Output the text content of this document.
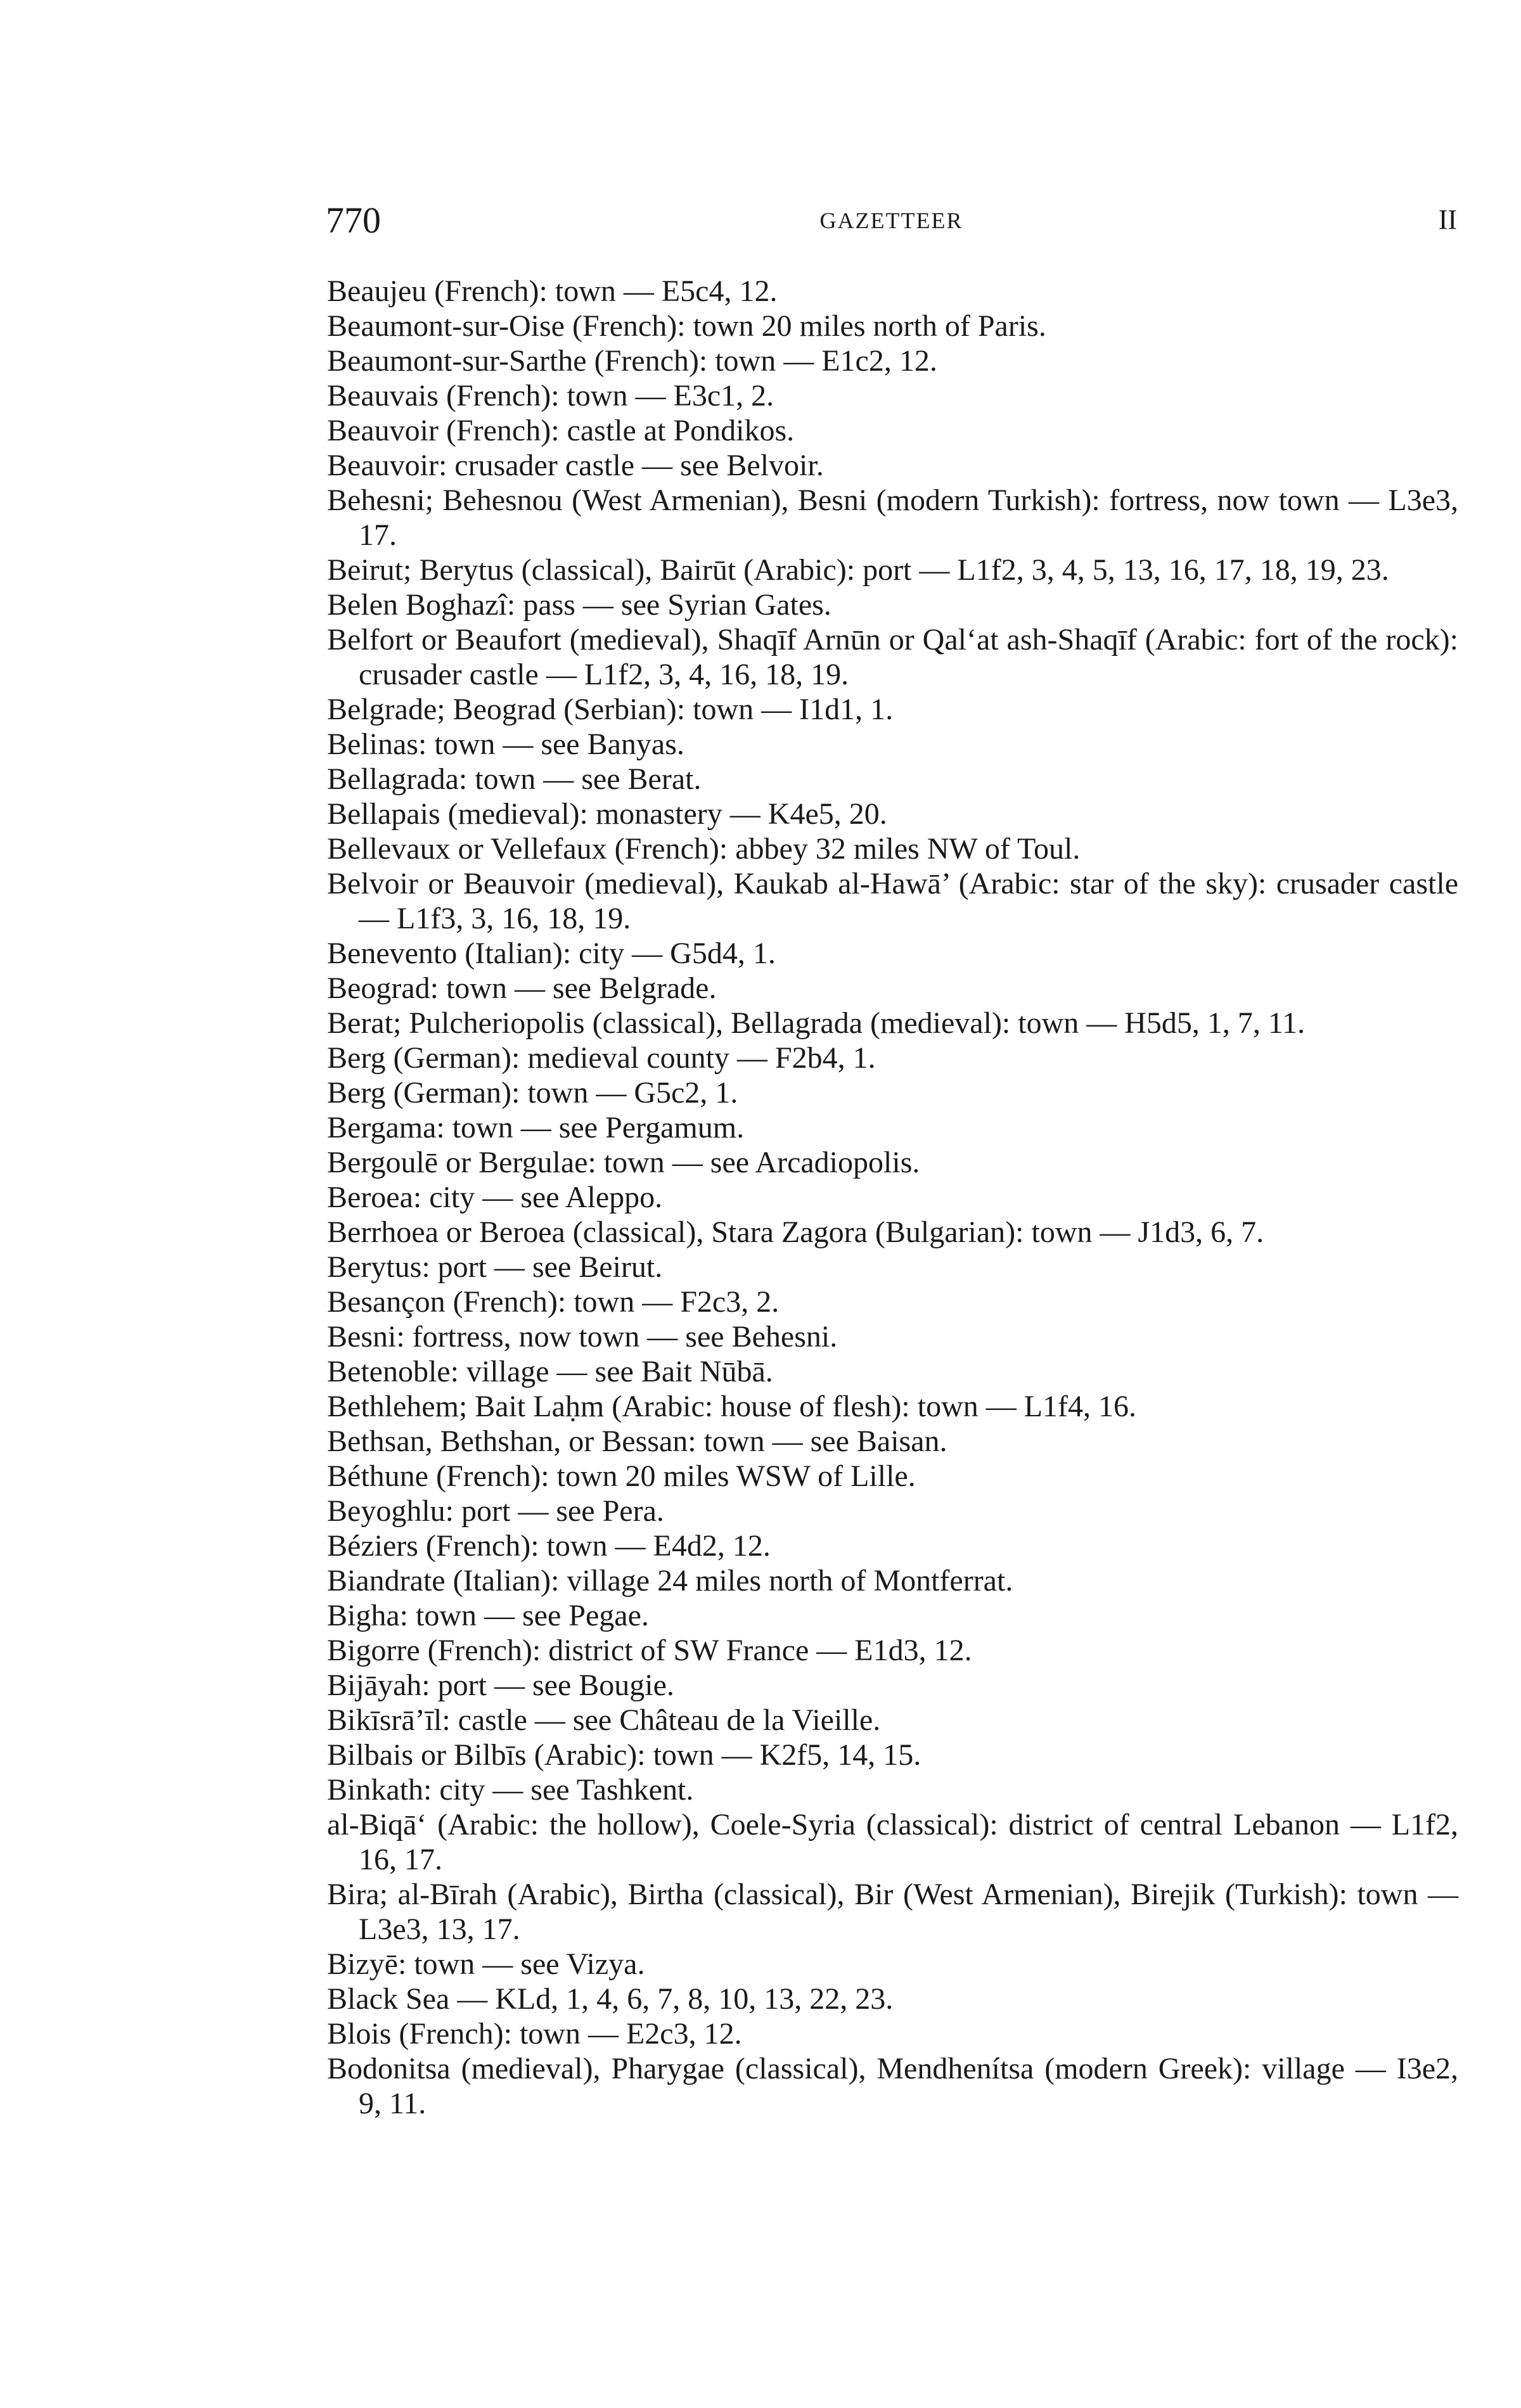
770	GAZETTEER	II
Beaujeu (French): town — E5c4, 12.
Beaumont-sur-Oise (French): town 20 miles north of Paris.
Beaumont-sur-Sarthe (French): town — E1c2, 12.
Beauvais (French): town — E3c1, 2.
Beauvoir (French): castle at Pondikos.
Beauvoir: crusader castle — see Belvoir.
Behesni; Behesnou (West Armenian), Besni (modern Turkish): fortress, now town — L3e3, 17.
Beirut; Berytus (classical), Bairūt (Arabic): port — L1f2, 3, 4, 5, 13, 16, 17, 18, 19, 23.
Belen Boghazî: pass — see Syrian Gates.
Belfort or Beaufort (medieval), Shaqīf Arnūn or Qal‘at ash-Shaqīf (Arabic: fort of the rock): crusader castle — L1f2, 3, 4, 16, 18, 19.
Belgrade; Beograd (Serbian): town — I1d1, 1.
Belinas: town — see Banyas.
Bellagrada: town — see Berat.
Bellapais (medieval): monastery — K4e5, 20.
Bellevaux or Vellefaux (French): abbey 32 miles NW of Toul.
Belvoir or Beauvoir (medieval), Kaukab al-Hawā’ (Arabic: star of the sky): crusader castle — L1f3, 3, 16, 18, 19.
Benevento (Italian): city — G5d4, 1.
Beograd: town — see Belgrade.
Berat; Pulcheriopolis (classical), Bellagrada (medieval): town — H5d5, 1, 7, 11.
Berg (German): medieval county — F2b4, 1.
Berg (German): town — G5c2, 1.
Bergama: town — see Pergamum.
Bergoulē or Bergulae: town — see Arcadiopolis.
Beroea: city — see Aleppo.
Berrhoea or Beroea (classical), Stara Zagora (Bulgarian): town — J1d3, 6, 7.
Berytus: port — see Beirut.
Besançon (French): town — F2c3, 2.
Besni: fortress, now town — see Behesni.
Betenoble: village — see Bait Nūbā.
Bethlehem; Bait Laḥm (Arabic: house of flesh): town — L1f4, 16.
Bethsan, Bethshan, or Bessan: town — see Baisan.
Béthune (French): town 20 miles WSW of Lille.
Beyoghlu: port — see Pera.
Béziers (French): town — E4d2, 12.
Biandrate (Italian): village 24 miles north of Montferrat.
Bigha: town — see Pegae.
Bigorre (French): district of SW France — E1d3, 12.
Bijāyah: port — see Bougie.
Bikīsrā’īl: castle — see Château de la Vieille.
Bilbais or Bilbīs (Arabic): town — K2f5, 14, 15.
Binkath: city — see Tashkent.
al-Biqā‘ (Arabic: the hollow), Coele-Syria (classical): district of central Lebanon — L1f2, 16, 17.
Bira; al-Bīrah (Arabic), Birtha (classical), Bir (West Armenian), Birejik (Turkish): town — L3e3, 13, 17.
Bizyē: town — see Vizya.
Black Sea — KLd, 1, 4, 6, 7, 8, 10, 13, 22, 23.
Blois (French): town — E2c3, 12.
Bodonitsa (medieval), Pharygae (classical), Mendhenítsa (modern Greek): village — I3e2, 9, 11.
